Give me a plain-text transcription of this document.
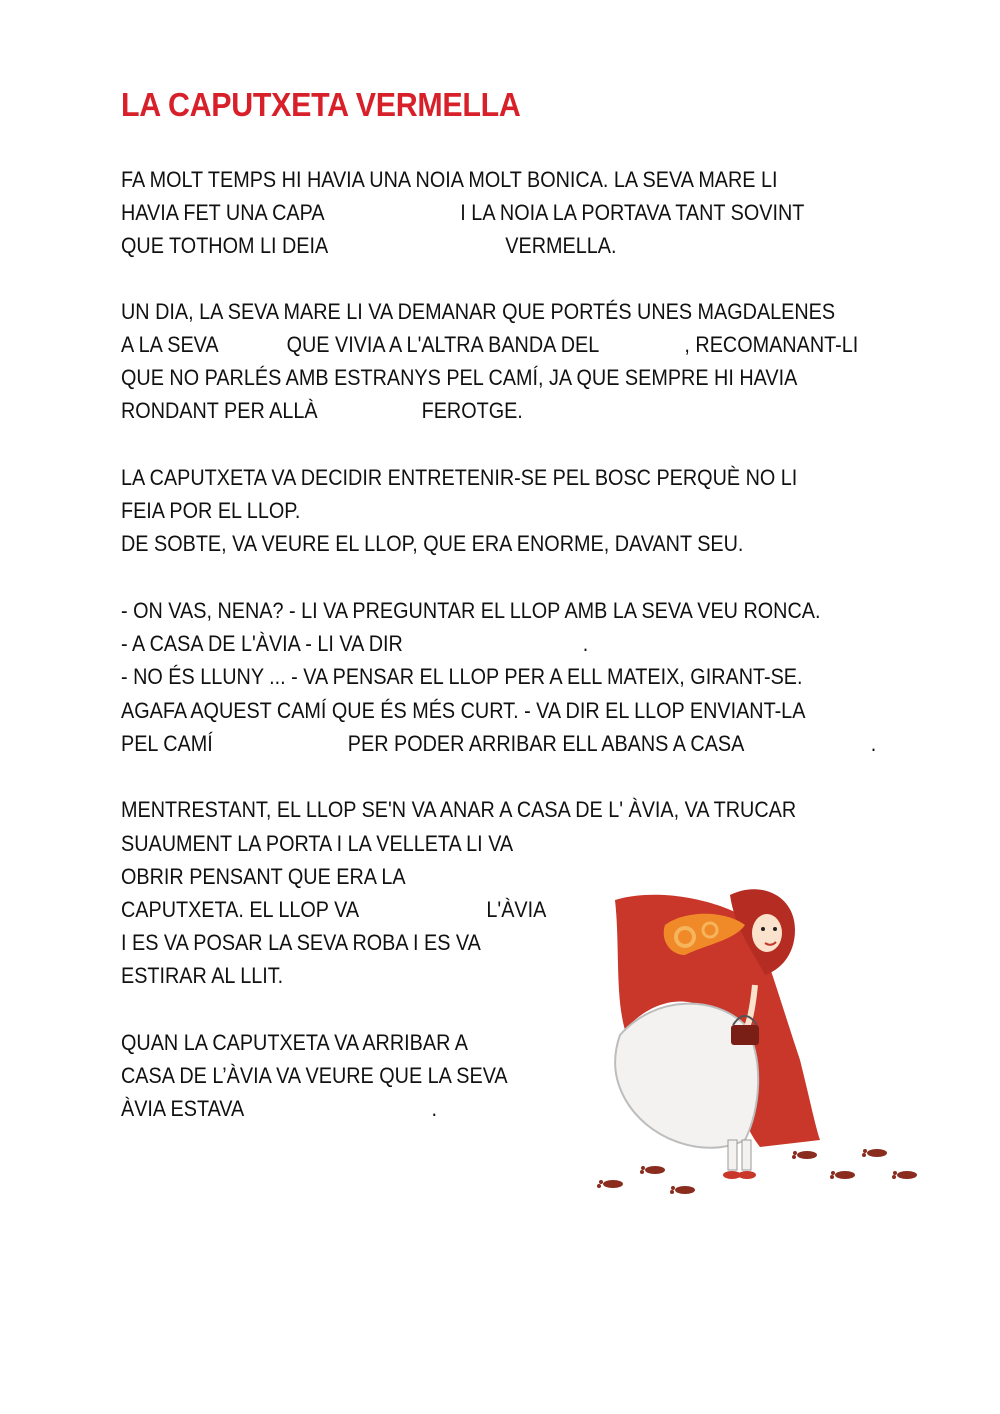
LA CAPUTXETA VERMELLA
FA MOLT TEMPS HI HAVIA UNA NOIA MOLT BONICA. LA SEVA MARE LI
HAVIA FET UNA CAPA	I LA NOIA LA PORTAVA TANT SOVINT
QUE TOTHOM LI DEIA	VERMELLA.
UN DIA, LA SEVA MARE LI VA DEMANAR QUE PORTÉS UNES MAGDALENES
A LA SEVA	QUE VIVIA A L'ALTRA BANDA DEL	, RECOMANANT-LI
QUE NO PARLÉS AMB ESTRANYS PEL CAMÍ, JA QUE SEMPRE HI HAVIA
RONDANT PER ALLÀ	FEROTGE.
LA CAPUTXETA VA DECIDIR ENTRETENIR-SE PEL BOSC PERQUÈ NO LI
FEIA POR EL LLOP.
DE SOBTE, VA VEURE EL LLOP, QUE ERA ENORME, DAVANT SEU.
- ON VAS, NENA? - LI VA PREGUNTAR EL LLOP AMB LA SEVA VEU RONCA.
- A CASA DE L'ÀVIA - LI VA DIR	.
- NO ÉS LLUNY ... - VA PENSAR EL LLOP PER A ELL MATEIX, GIRANT-SE.
AGAFA AQUEST CAMÍ QUE ÉS MÉS CURT. - VA DIR EL LLOP ENVIANT-LA
PEL CAMÍ	PER PODER ARRIBAR ELL ABANS A CASA	.
MENTRESTANT, EL LLOP SE'N VA ANAR A CASA DE L' ÀVIA, VA TRUCAR
SUAUMENT LA PORTA I LA VELLETA LI VA
OBRIR PENSANT QUE ERA LA
CAPUTXETA. EL LLOP VA	L'ÀVIA
I ES VA POSAR LA SEVA ROBA I ES VA
ESTIRAR AL LLIT.
QUAN LA CAPUTXETA VA ARRIBAR A
CASA DE L’ÀVIA VA VEURE QUE LA SEVA
ÀVIA ESTAVA	.
